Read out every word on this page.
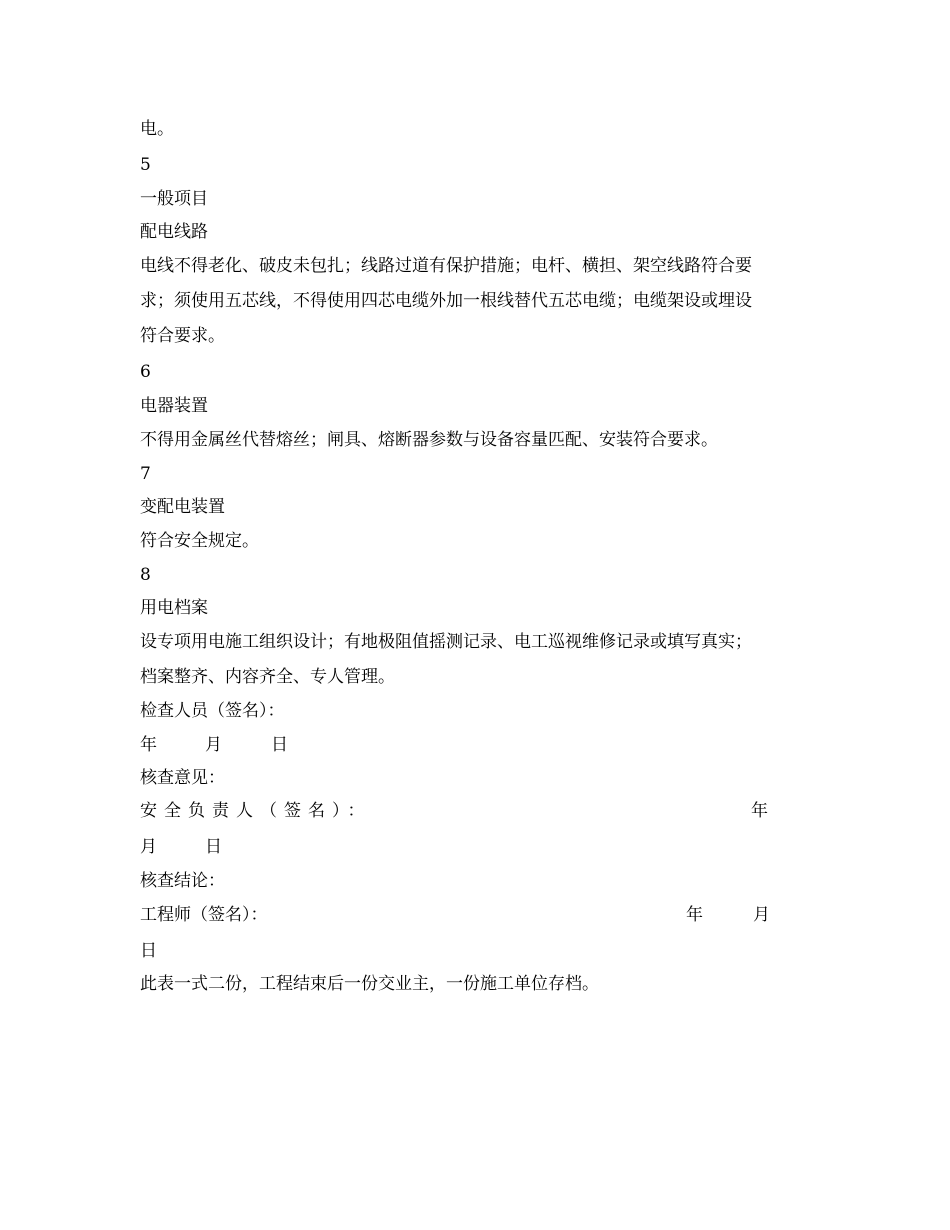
电。
5
一般项目
配电线路
电线不得老化、破皮未包扎；线路过道有保护措施；电杆、横担、架空线路符合要
求；须使用五芯线，不得使用四芯电缆外加一根线替代五芯电缆；电缆架设或埋设
符合要求。
6
电器装置
不得用金属丝代替熔丝；闸具、熔断器参数与设备容量匹配、安装符合要求。
7
变配电装置
符合安全规定。
8
用电档案
设专项用电施工组织设计；有地极阻值摇测记录、电工巡视维修记录或填写真实；
档案整齐、内容齐全、专人管理。
检查人员（签名）：
年	月	日
核查意见：
安全负责人（签名）：	年
月	日
核查结论：
工程师（签名）：	年	月
日
此表一式二份，工程结束后一份交业主，一份施工单位存档。
